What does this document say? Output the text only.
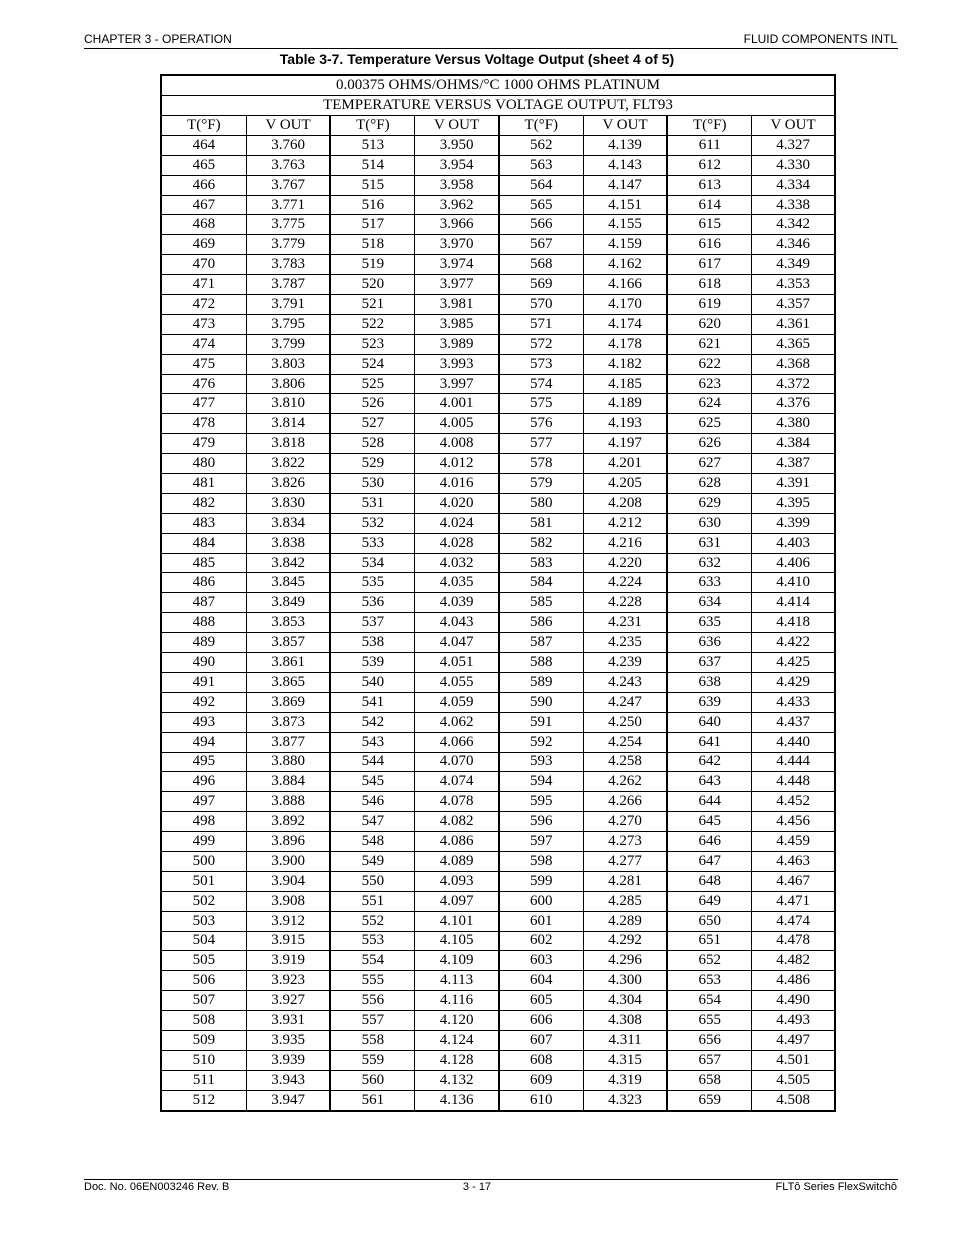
CHAPTER 3 - OPERATION	FLUID COMPONENTS INTL
Table 3-7. Temperature Versus Voltage Output (sheet 4 of 5)
0.00375 OHMS/OHMS/°C 1000 OHMS PLATINUM							
TEMPERATURE VERSUS VOLTAGE OUTPUT, FLT93							
T(°F)	V OUT	T(°F)	V OUT	T(°F)	V OUT	T(°F)	V OUT
464	3.760	513	3.950	562	4.139	611	4.327
465	3.763	514	3.954	563	4.143	612	4.330
466	3.767	515	3.958	564	4.147	613	4.334
467	3.771	516	3.962	565	4.151	614	4.338
468	3.775	517	3.966	566	4.155	615	4.342
469	3.779	518	3.970	567	4.159	616	4.346
470	3.783	519	3.974	568	4.162	617	4.349
471	3.787	520	3.977	569	4.166	618	4.353
472	3.791	521	3.981	570	4.170	619	4.357
473	3.795	522	3.985	571	4.174	620	4.361
474	3.799	523	3.989	572	4.178	621	4.365
475	3.803	524	3.993	573	4.182	622	4.368
476	3.806	525	3.997	574	4.185	623	4.372
477	3.810	526	4.001	575	4.189	624	4.376
478	3.814	527	4.005	576	4.193	625	4.380
479	3.818	528	4.008	577	4.197	626	4.384
480	3.822	529	4.012	578	4.201	627	4.387
481	3.826	530	4.016	579	4.205	628	4.391
482	3.830	531	4.020	580	4.208	629	4.395
483	3.834	532	4.024	581	4.212	630	4.399
484	3.838	533	4.028	582	4.216	631	4.403
485	3.842	534	4.032	583	4.220	632	4.406
486	3.845	535	4.035	584	4.224	633	4.410
487	3.849	536	4.039	585	4.228	634	4.414
488	3.853	537	4.043	586	4.231	635	4.418
489	3.857	538	4.047	587	4.235	636	4.422
490	3.861	539	4.051	588	4.239	637	4.425
491	3.865	540	4.055	589	4.243	638	4.429
492	3.869	541	4.059	590	4.247	639	4.433
493	3.873	542	4.062	591	4.250	640	4.437
494	3.877	543	4.066	592	4.254	641	4.440
495	3.880	544	4.070	593	4.258	642	4.444
496	3.884	545	4.074	594	4.262	643	4.448
497	3.888	546	4.078	595	4.266	644	4.452
498	3.892	547	4.082	596	4.270	645	4.456
499	3.896	548	4.086	597	4.273	646	4.459
500	3.900	549	4.089	598	4.277	647	4.463
501	3.904	550	4.093	599	4.281	648	4.467
502	3.908	551	4.097	600	4.285	649	4.471
503	3.912	552	4.101	601	4.289	650	4.474
504	3.915	553	4.105	602	4.292	651	4.478
505	3.919	554	4.109	603	4.296	652	4.482
506	3.923	555	4.113	604	4.300	653	4.486
507	3.927	556	4.116	605	4.304	654	4.490
508	3.931	557	4.120	606	4.308	655	4.493
509	3.935	558	4.124	607	4.311	656	4.497
510	3.939	559	4.128	608	4.315	657	4.501
511	3.943	560	4.132	609	4.319	658	4.505
512	3.947	561	4.136	610	4.323	659	4.508
Doc. No. 06EN003246 Rev. B	3 - 17	FLTô Series FlexSwitchô
